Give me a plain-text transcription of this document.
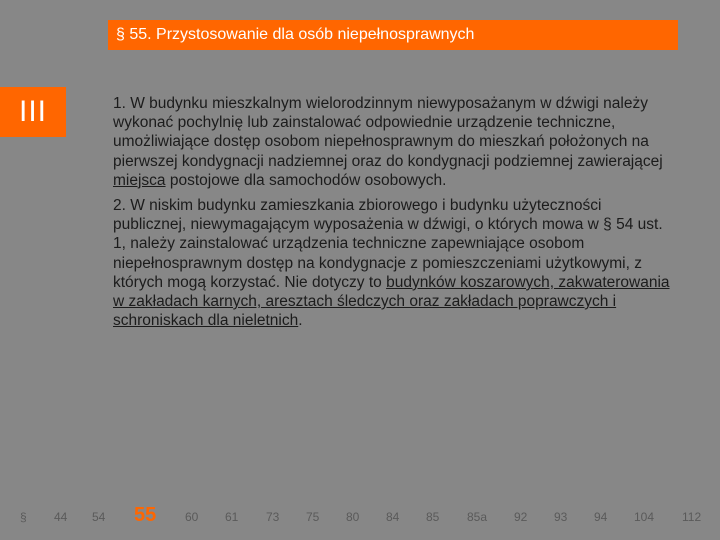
§ 55. Przystosowanie dla osób niepełnosprawnych
III	1. W budynku mieszkalnym wielorodzinnym niewyposażanym w dźwigi należy wykonać pochylnię lub zainstalować odpowiednie urządzenie techniczne, umożliwiające dostęp osobom niepełnosprawnym do mieszkań położonych na pierwszej kondygnacji nadziemnej oraz do kondygnacji podziemnej zawierającej miejsca postojowe dla samochodów osobowych.

2. W niskim budynku zamieszkania zbiorowego i budynku użyteczności publicznej, niewymagającym wyposażenia w dźwigi, o których mowa w § 54 ust. 1, należy zainstalować urządzenia techniczne zapewniające osobom niepełnosprawnym dostęp na kondygnacje z pomieszczeniami użytkowymi, z których mogą korzystać. Nie dotyczy to budynków koszarowych, zakwaterowania w zakładach karnych, aresztach śledczych oraz zakładach poprawczych i schroniskach dla nieletnich.

§ 44 54 55 60 61 73 75 80 84 85 85a 92 93 94 104 112
